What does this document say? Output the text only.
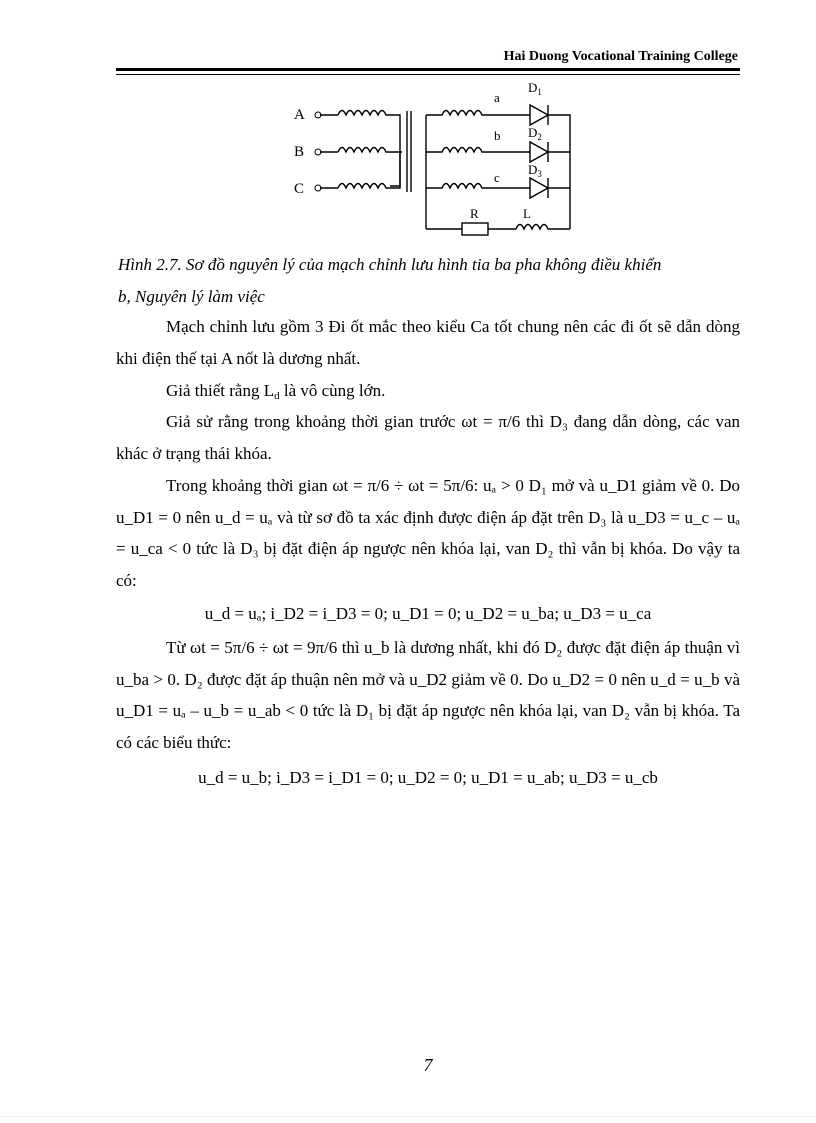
Hai Duong Vocational Training College
A
B
C
a
b
c
$D_1$
$D_2$
$D_3$
R	L
Hình 2.7. Sơ đồ nguyên lý của mạch chỉnh lưu hình tia ba pha không điều khiển
b, Nguyên lý làm việc
Mạch chỉnh lưu gồm 3 Đi ốt mắc theo kiểu Ca tốt chung nên các đi ốt sẽ dẫn dòng khi điện thế tại A nốt là dương nhất.
Giả thiết rằng $L_d$ là vô cùng lớn.
Giả sử rằng trong khoảng thời gian trước ωt = π/6 thì D₃ đang dẫn dòng, các van khác ở trạng thái khóa.
Trong khoảng thời gian ωt = π/6 ÷ ωt = 5π/6: uₐ > 0 D₁ mở và u_D1 giảm về 0. Do u_D1 = 0 nên u_d = uₐ và từ sơ đồ ta xác định được điện áp đặt trên D₃ là u_D3 = u_c – uₐ = u_ca < 0 tức là D₃ bị đặt điện áp ngược nên khóa lại, van D₂ thì vẫn bị khóa. Do vậy ta có:
u_d = uₐ; i_D2 = i_D3 = 0; u_D1 = 0; u_D2 = u_ba; u_D3 = u_ca
Từ ωt = 5π/6 ÷ ωt = 9π/6 thì u_b là dương nhất, khi đó D₂ được đặt điện áp thuận vì u_ba > 0. D₂ được đặt áp thuận nên mở và u_D2 giảm về 0. Do u_D2 = 0 nên u_d = u_b và u_D1 = uₐ – u_b = u_ab < 0 tức là D₁ bị đặt áp ngược nên khóa lại, van D₂ vẫn bị khóa. Ta có các biểu thức:
u_d = u_b; i_D3 = i_D1 = 0; u_D2 = 0; u_D1 = u_ab; u_D3 = u_cb
7
